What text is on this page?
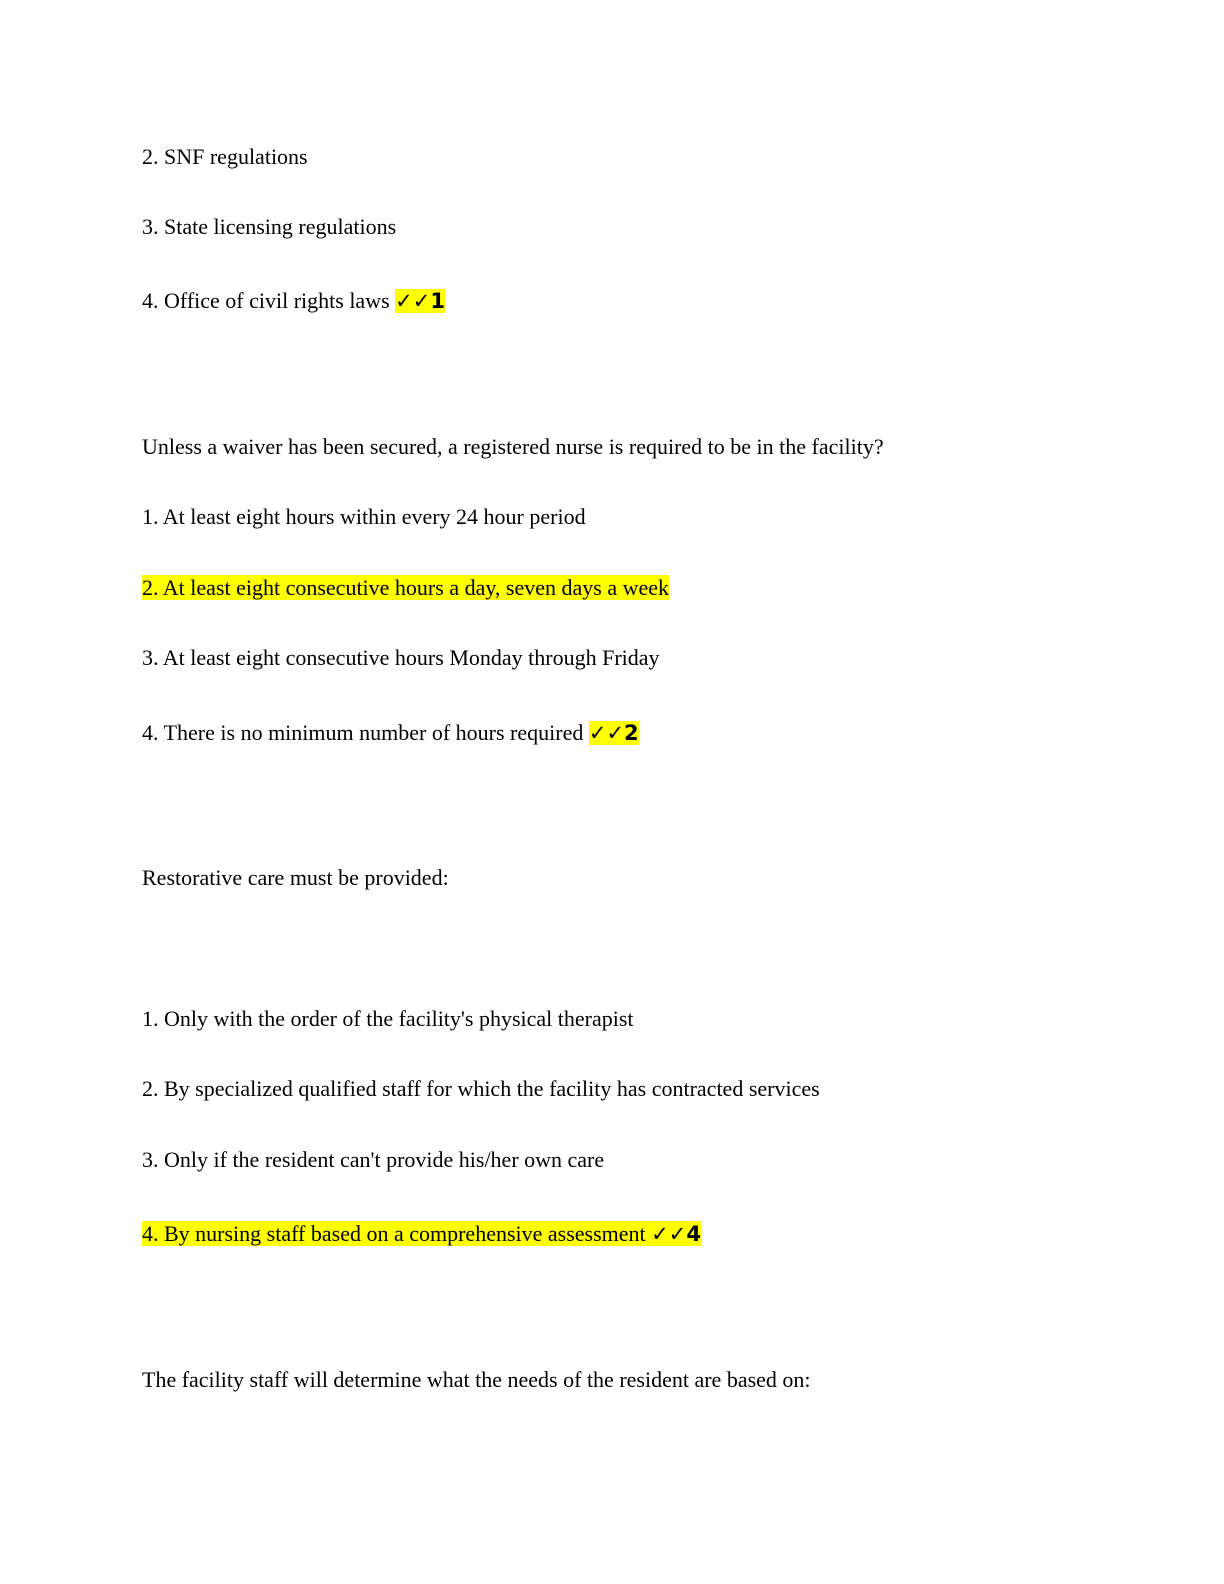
2. SNF regulations
3. State licensing regulations
4. Office of civil rights laws ✓✓1
Unless a waiver has been secured, a registered nurse is required to be in the facility?
1. At least eight hours within every 24 hour period
2. At least eight consecutive hours a day, seven days a week
3. At least eight consecutive hours Monday through Friday
4. There is no minimum number of hours required ✓✓2
Restorative care must be provided:
1. Only with the order of the facility's physical therapist
2. By specialized qualified staff for which the facility has contracted services
3. Only if the resident can't provide his/her own care
4. By nursing staff based on a comprehensive assessment ✓✓4
The facility staff will determine what the needs of the resident are based on:
